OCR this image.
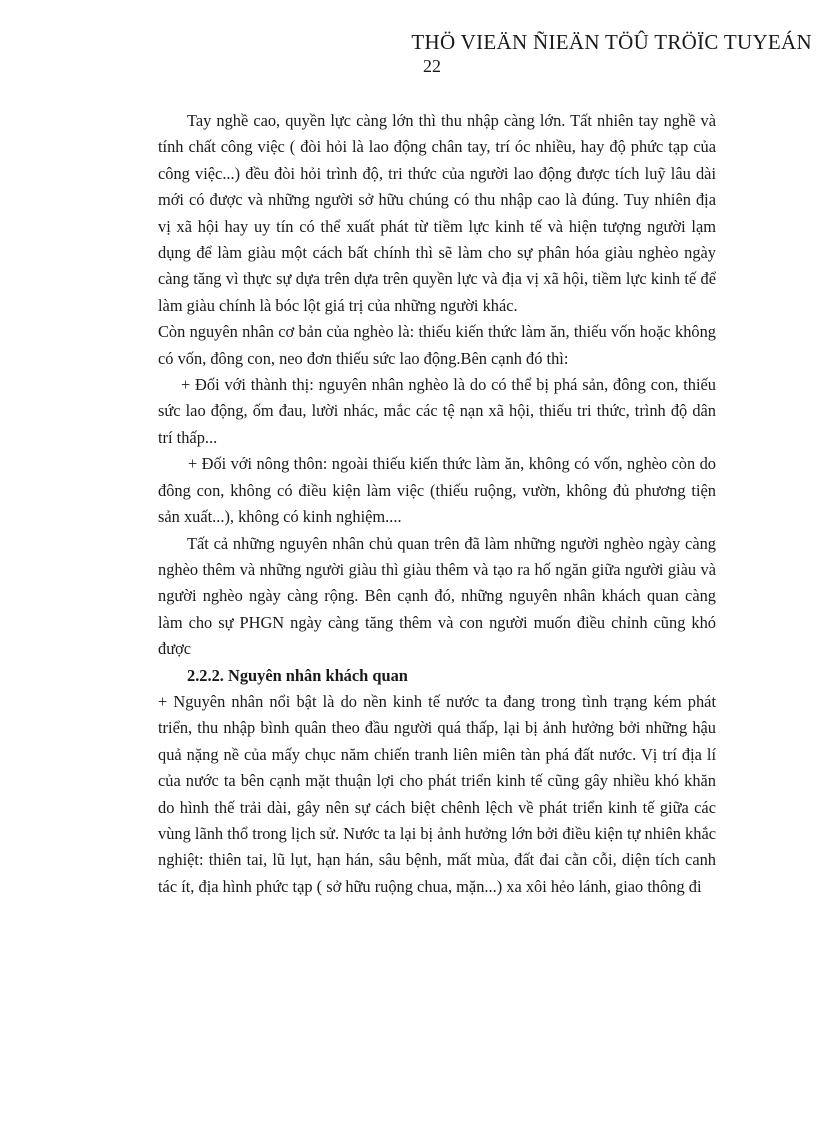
THÖ VIEÄN ÑIEÄN TÖÛ TRÖÏC TUYEÁN
22

Tay nghề cao, quyền lực càng lớn thì thu nhập càng lớn. Tất nhiên tay nghề và tính chất công việc ( đòi hỏi là lao động chân tay, trí óc nhiều, hay độ phức tạp của công việc...) đều đòi hỏi trình độ, tri thức của người lao động được tích luỹ lâu dài mới có được và những người sở hữu chúng có thu nhập cao là đúng. Tuy nhiên địa vị xã hội hay uy tín có thể xuất phát từ tiềm lực kinh tế và hiện tượng người lạm dụng để làm giàu một cách bất chính thì sẽ làm cho sự phân hóa giàu nghèo ngày càng tăng vì thực sự dựa trên dựa trên quyền lực và địa vị xã hội, tiềm lực kinh tế để làm giàu chính là bóc lột giá trị của những người khác.

Còn nguyên nhân cơ bản của nghèo là: thiếu kiến thức làm ăn, thiếu vốn hoặc không có vốn, đông con, neo đơn thiếu sức lao động.Bên cạnh đó thì:

+ Đối với thành thị: nguyên nhân nghèo là do có thể bị phá sản, đông con, thiếu sức lao động, ốm đau, lười nhác, mắc các tệ nạn xã hội, thiếu tri thức, trình độ dân trí thấp...

+ Đối với nông thôn: ngoài thiếu kiến thức làm ăn, không có vốn, nghèo còn do đông con, không có điều kiện làm việc (thiếu ruộng, vườn, không đủ phương tiện sản xuất...), không có kinh nghiệm....

Tất cả những nguyên nhân chủ quan trên đã làm những người nghèo ngày càng nghèo thêm và những người giàu thì giàu thêm và tạo ra hố ngăn giữa người giàu và người nghèo ngày càng rộng. Bên cạnh đó, những nguyên nhân khách quan càng làm cho sự PHGN ngày càng tăng thêm và con người muốn điều chỉnh cũng khó được

2.2.2. Nguyên nhân khách quan

+ Nguyên nhân nổi bật là do nền kinh tế nước ta đang trong tình trạng kém phát triển, thu nhập bình quân theo đầu người quá thấp, lại bị ảnh hưởng bởi những hậu quả nặng nề của mấy chục năm chiến tranh liên miên tàn phá đất nước. Vị trí địa lí của nước ta bên cạnh mặt thuận lợi cho phát triển kinh tế cũng gây nhiều khó khăn do hình thế trải dài, gây nên sự cách biệt chênh lệch về phát triển kinh tế giữa các vùng lãnh thổ trong lịch sử. Nước ta lại bị ảnh hưởng lớn bởi điều kiện tự nhiên khắc nghiệt: thiên tai, lũ lụt, hạn hán, sâu bệnh, mất mùa, đất đai cằn cỗi, diện tích canh tác ít, địa hình phức tạp ( sở hữu ruộng chua, mặn...) xa xôi hẻo lánh, giao thông đi
